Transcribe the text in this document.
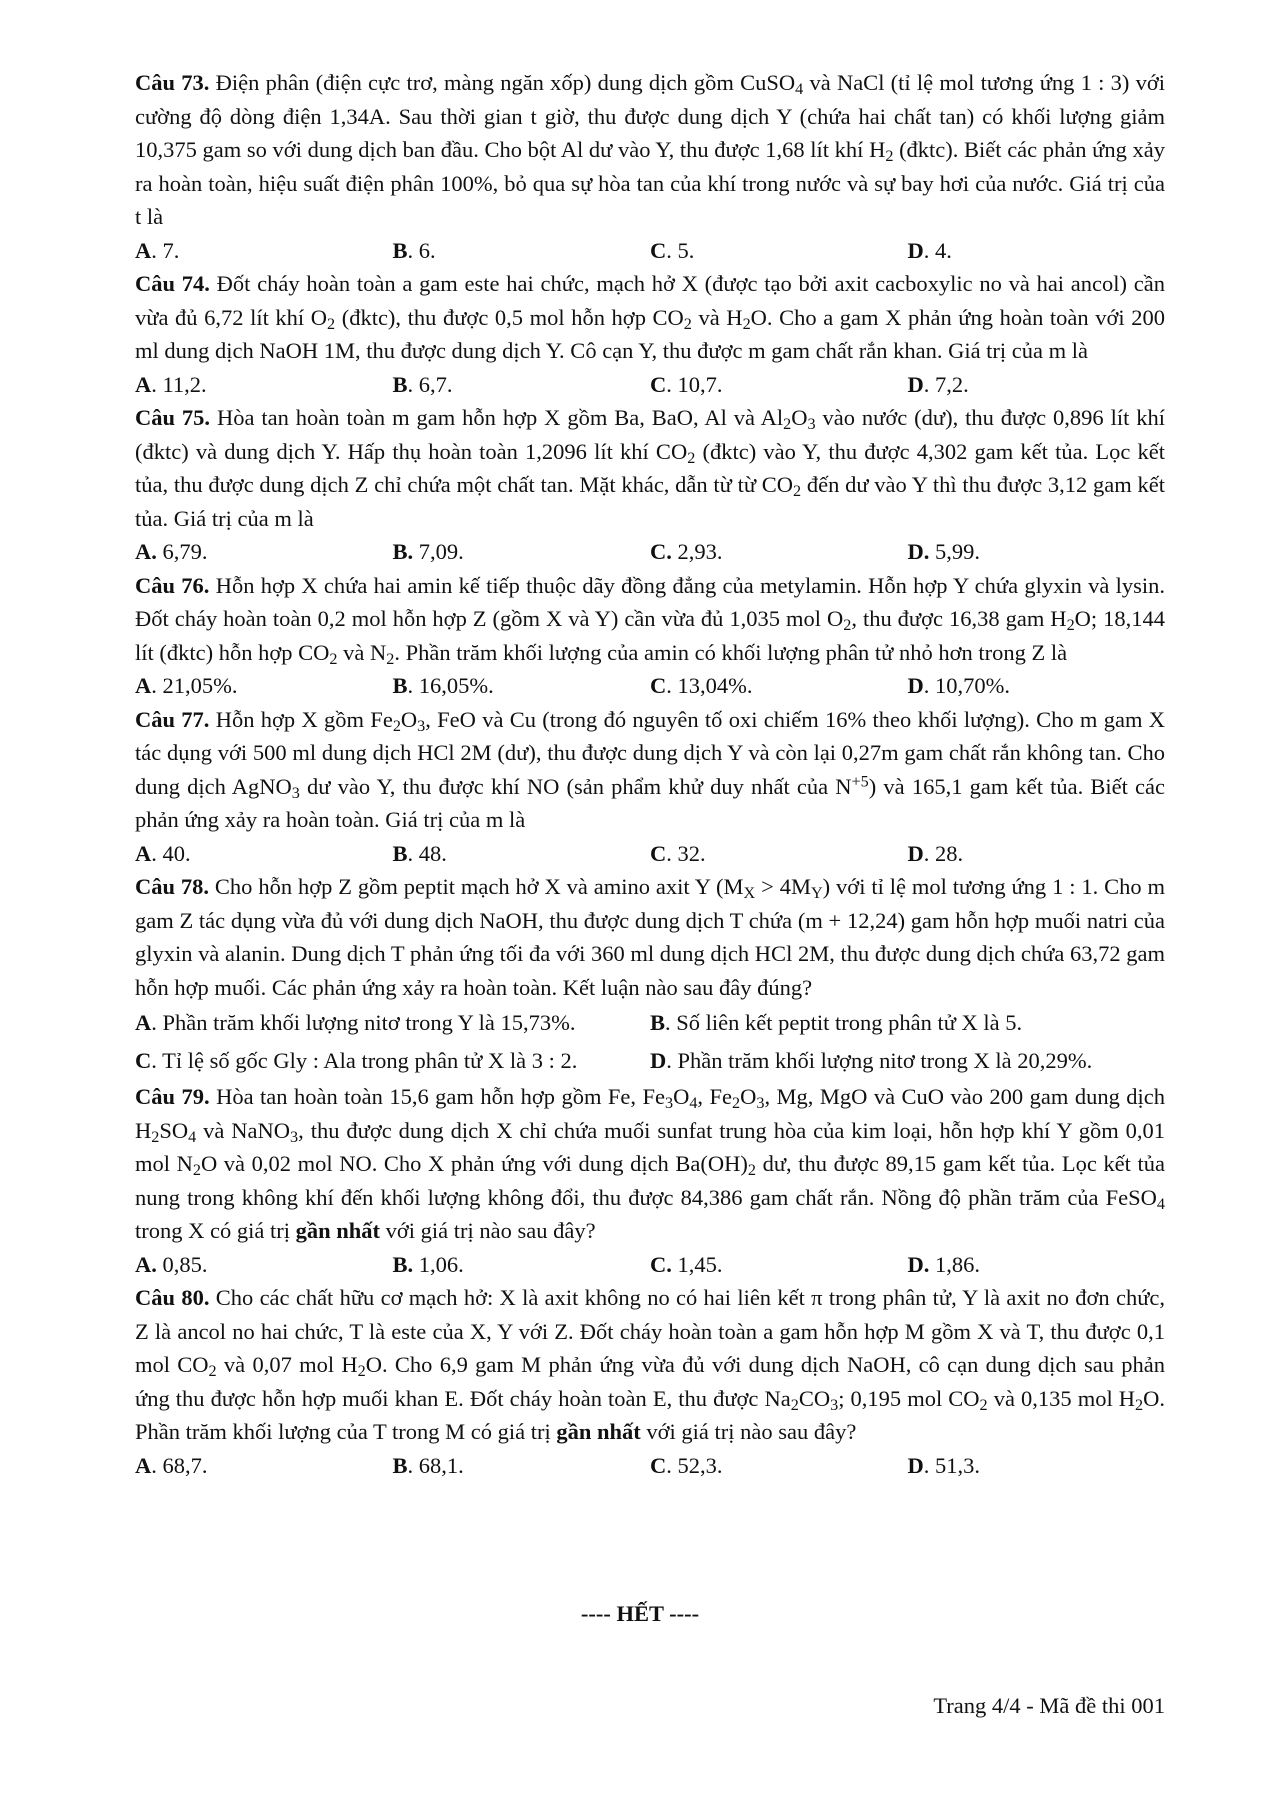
Câu 73. Điện phân (điện cực trơ, màng ngăn xốp) dung dịch gồm CuSO$_4$ và NaCl (tỉ lệ mol tương ứng 1 : 3) với cường độ dòng điện 1,34A. Sau thời gian t giờ, thu được dung dịch Y (chứa hai chất tan) có khối lượng giảm 10,375 gam so với dung dịch ban đầu. Cho bột Al dư vào Y, thu được 1,68 lít khí $H_2$ (đktc). Biết các phản ứng xảy ra hoàn toàn, hiệu suất điện phân 100%, bỏ qua sự hòa tan của khí trong nước và sự bay hơi của nước. Giá trị của t là
A. 7.	B. 6.	C. 5.	D. 4.
Câu 74. Đốt cháy hoàn toàn a gam este hai chức, mạch hở X (được tạo bởi axit cacboxylic no và hai ancol) cần vừa đủ 6,72 lít khí $O_2$ (đktc), thu được 0,5 mol hỗn hợp $CO_2$ và $H_2O$. Cho a gam X phản ứng hoàn toàn với 200 ml dung dịch NaOH 1M, thu được dung dịch Y. Cô cạn Y, thu được m gam chất rắn khan. Giá trị của m là
A. 11,2.	B. 6,7.	C. 10,7.	D. 7,2.
Câu 75. Hòa tan hoàn toàn m gam hỗn hợp X gồm Ba, BaO, Al và $Al_2O_3$ vào nước (dư), thu được 0,896 lít khí (đktc) và dung dịch Y. Hấp thụ hoàn toàn 1,2096 lít khí $CO_2$ (đktc) vào Y, thu được 4,302 gam kết tủa. Lọc kết tủa, thu được dung dịch Z chỉ chứa một chất tan. Mặt khác, dẫn từ từ $CO_2$ đến dư vào Y thì thu được 3,12 gam kết tủa. Giá trị của m là
A. 6,79.	B. 7,09.	C. 2,93.	D. 5,99.
Câu 76. Hỗn hợp X chứa hai amin kế tiếp thuộc dãy đồng đẳng của metylamin. Hỗn hợp Y chứa glyxin và lysin. Đốt cháy hoàn toàn 0,2 mol hỗn hợp Z (gồm X và Y) cần vừa đủ 1,035 mol $O_2$, thu được 16,38 gam $H_2O$; 18,144 lít (đktc) hỗn hợp $CO_2$ và $N_2$. Phần trăm khối lượng của amin có khối lượng phân tử nhỏ hơn trong Z là
A. 21,05%.	B. 16,05%.	C. 13,04%.	D. 10,70%.
Câu 77. Hỗn hợp X gồm $Fe_2O_3$, FeO và Cu (trong đó nguyên tố oxi chiếm 16% theo khối lượng). Cho m gam X tác dụng với 500 ml dung dịch HCl 2M (dư), thu được dung dịch Y và còn lại 0,27m gam chất rắn không tan. Cho dung dịch AgNO$_3$ dư vào Y, thu được khí NO (sản phẩm khử duy nhất của $N^{+5}$) và 165,1 gam kết tủa. Biết các phản ứng xảy ra hoàn toàn. Giá trị của m là
A. 40.	B. 48.	C. 32.	D. 28.
Câu 78. Cho hỗn hợp Z gồm peptit mạch hở X và amino axit Y $(M_X > 4M_Y)$ với tỉ lệ mol tương ứng 1 : 1. Cho m gam Z tác dụng vừa đủ với dung dịch NaOH, thu được dung dịch T chứa (m + 12,24) gam hỗn hợp muối natri của glyxin và alanin. Dung dịch T phản ứng tối đa với 360 ml dung dịch HCl 2M, thu được dung dịch chứa 63,72 gam hỗn hợp muối. Các phản ứng xảy ra hoàn toàn. Kết luận nào sau đây đúng?
A. Phần trăm khối lượng nitơ trong Y là 15,73%.	B. Số liên kết peptit trong phân tử X là 5.
C. Tỉ lệ số gốc Gly : Ala trong phân tử X là 3 : 2.	D. Phần trăm khối lượng nitơ trong X là 20,29%.
Câu 79. Hòa tan hoàn toàn 15,6 gam hỗn hợp gồm Fe, $Fe_3O_4$, $Fe_2O_3$, Mg, MgO và CuO vào 200 gam dung dịch $H_2SO_4$ và NaNO$_3$, thu được dung dịch X chỉ chứa muối sunfat trung hòa của kim loại, hỗn hợp khí Y gồm 0,01 mol $N_2O$ và 0,02 mol NO. Cho X phản ứng với dung dịch $Ba(OH)_2$ dư, thu được 89,15 gam kết tủa. Lọc kết tủa nung trong không khí đến khối lượng không đổi, thu được 84,386 gam chất rắn. Nồng độ phần trăm của FeSO$_4$ trong X có giá trị gần nhất với giá trị nào sau đây?
A. 0,85.	B. 1,06.	C. 1,45.	D. 1,86.
Câu 80. Cho các chất hữu cơ mạch hở: X là axit không no có hai liên kết π trong phân tử, Y là axit no đơn chức, Z là ancol no hai chức, T là este của X, Y với Z. Đốt cháy hoàn toàn a gam hỗn hợp M gồm X và T, thu được 0,1 mol $CO_2$ và 0,07 mol $H_2O$. Cho 6,9 gam M phản ứng vừa đủ với dung dịch NaOH, cô cạn dung dịch sau phản ứng thu được hỗn hợp muối khan E. Đốt cháy hoàn toàn E, thu được $Na_2CO_3$; 0,195 mol $CO_2$ và 0,135 mol $H_2O$. Phần trăm khối lượng của T trong M có giá trị gần nhất với giá trị nào sau đây?
A. 68,7.	B. 68,1.	C. 52,3.	D. 51,3.
---- HẾT ----
Trang 4/4 - Mã đề thi 001
